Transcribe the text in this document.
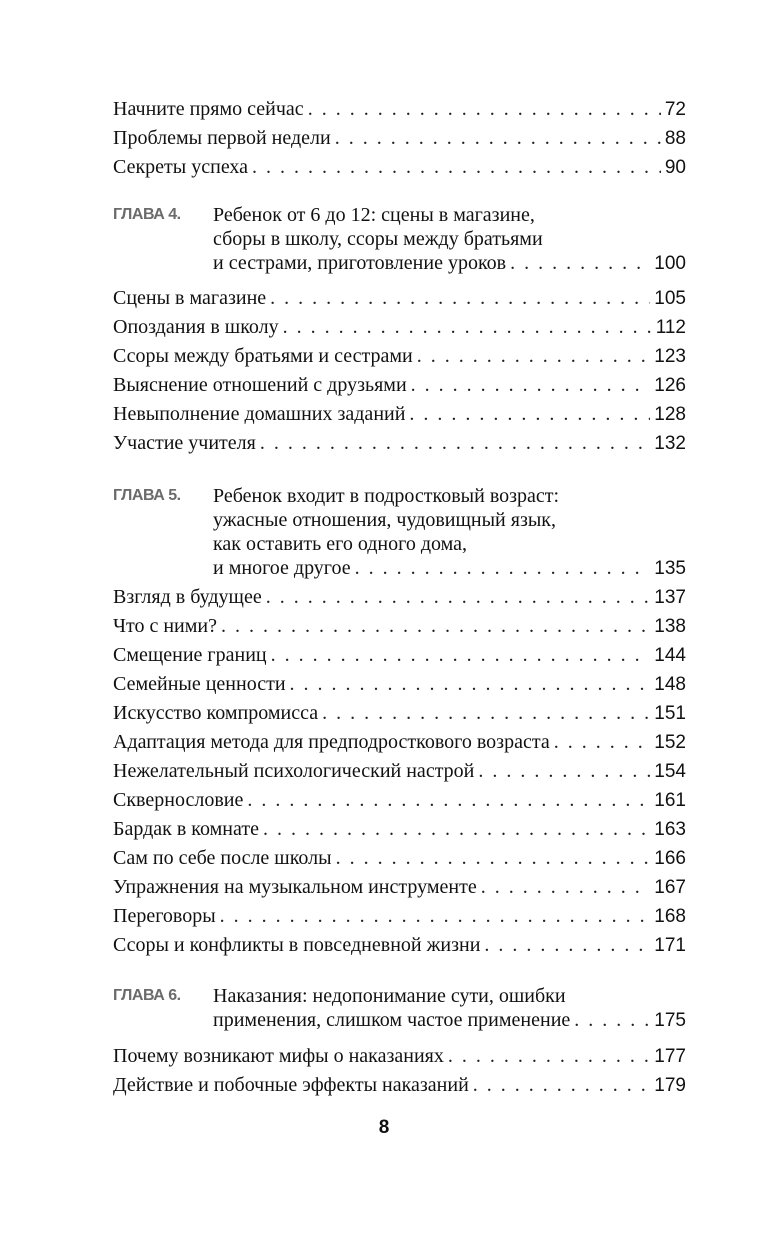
Начните прямо сейчас . . .	72
Проблемы первой недели . . .	88
Секреты успеха . . .	90
ГЛАВА 4. Ребенок от 6 до 12: сцены в магазине,
сборы в школу, ссоры между братьями
и сестрами, приготовление уроков . . .	100
Сцены в магазине . . .	105
Опоздания в школу . . .	112
Ссоры между братьями и сестрами . . .	123
Выяснение отношений с друзьями . . .	126
Невыполнение домашних заданий . . .	128
Участие учителя . . .	132
ГЛАВА 5. Ребенок входит в подростковый возраст:
ужасные отношения, чудовищный язык,
как оставить его одного дома,
и многое другое . . .	135
Взгляд в будущее . . .	137
Что с ними? . . .	138
Смещение границ . . .	144
Семейные ценности . . .	148
Искусство компромисса . . .	151
Адаптация метода для предподросткового возраста . . .	152
Нежелательный психологический настрой . . .	154
Сквернословие . . .	161
Бардак в комнате . . .	163
Сам по себе после школы . . .	166
Упражнения на музыкальном инструменте . . .	167
Переговоры . . .	168
Ссоры и конфликты в повседневной жизни . . .	171
ГЛАВА 6. Наказания: недопонимание сути, ошибки
применения, слишком частое применение . . .	175
Почему возникают мифы о наказаниях . . .	177
Действие и побочные эффекты наказаний . . .	179
8
